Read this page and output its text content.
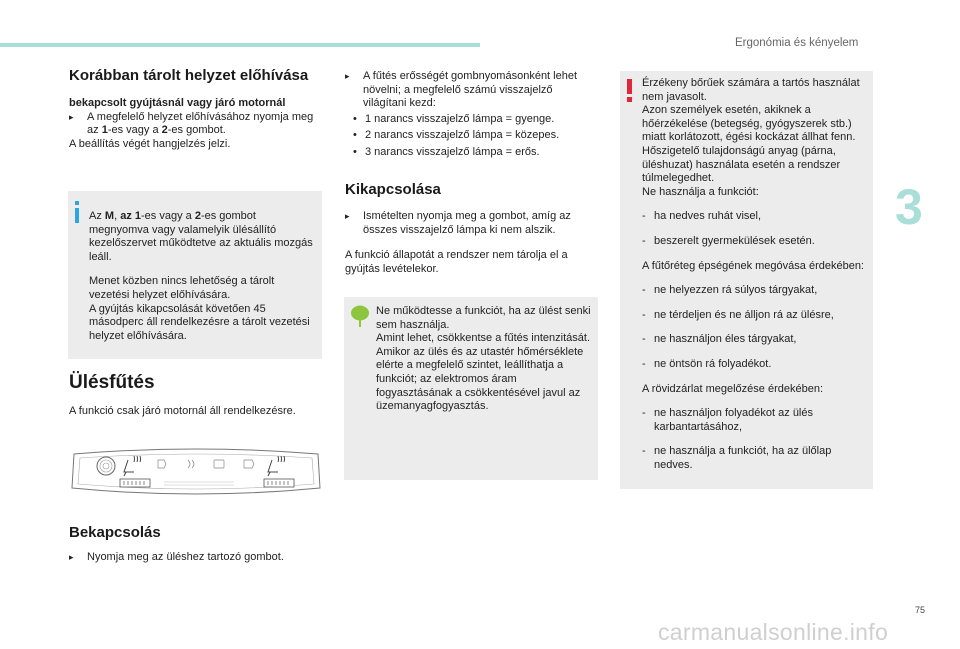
Ergonómia és kényelem
3
Korábban tárolt helyzet előhívása

bekapcsolt gyújtásnál vagy járó motornál

▸ A megfelelő helyzet előhívásához nyomja meg az 1-es vagy a 2-es gombot.

A beállítás végét hangjelzés jelzi.

Az M, az 1-es vagy a 2-es gombot megnyomva vagy valamelyik ülésállító kezelőszervet működtetve az aktuális mozgás leáll.

Menet közben nincs lehetőség a tárolt vezetési helyzet előhívására.

A gyújtás kikapcsolását követően 45 másodperc áll rendelkezésre a tárolt vezetési helyzet előhívására.

Ülésfűtés
A funkció csak járó motornál áll rendelkezésre.
Bekapcsolás

▸ Nyomja meg az üléshez tartozó gombot.

▸ A fűtés erősségét gombnyomásonként lehet növelni; a megfelelő számú visszajelző világítani kezd:

• 1 narancs visszajelző lámpa = gyenge.

• 2 narancs visszajelző lámpa = közepes.

• 3 narancs visszajelző lámpa = erős.

Kikapcsolása

▸ Ismételten nyomja meg a gombot, amíg az összes visszajelző lámpa ki nem alszik.

A funkció állapotát a rendszer nem tárolja el a gyújtás levételekor.

Ne működtesse a funkciót, ha az ülést senki sem használja.

Amint lehet, csökkentse a fűtés intenzitását.

Amikor az ülés és az utastér hőmérséklete elérte a megfelelő szintet, leállíthatja a funkciót; az elektromos áram fogyasztásának a csökkentésével javul az üzemanyagfogyasztás.

Érzékeny bőrűek számára a tartós használat nem javasolt.

Azon személyek esetén, akiknek a hőérzékelése (betegség, gyógyszerek stb.) miatt korlátozott, égési kockázat állhat fenn.

Hőszigetelő tulajdonságú anyag (párna, üléshuzat) használata esetén a rendszer túlmelegedhet.

Ne használja a funkciót:

- ha nedves ruhát visel,

- beszerelt gyermekülések esetén.

A fűtőréteg épségének megóvása érdekében:

- ne helyezzen rá súlyos tárgyakat,

- ne térdeljen és ne álljon rá az ülésre,

- ne használjon éles tárgyakat,

- ne öntsön rá folyadékot.

A rövidzárlat megelőzése érdekében:

- ne használjon folyadékot az ülés karbantartásához,

- ne használja a funkciót, ha az ülőlap nedves.

75
carmanualsonline.info
